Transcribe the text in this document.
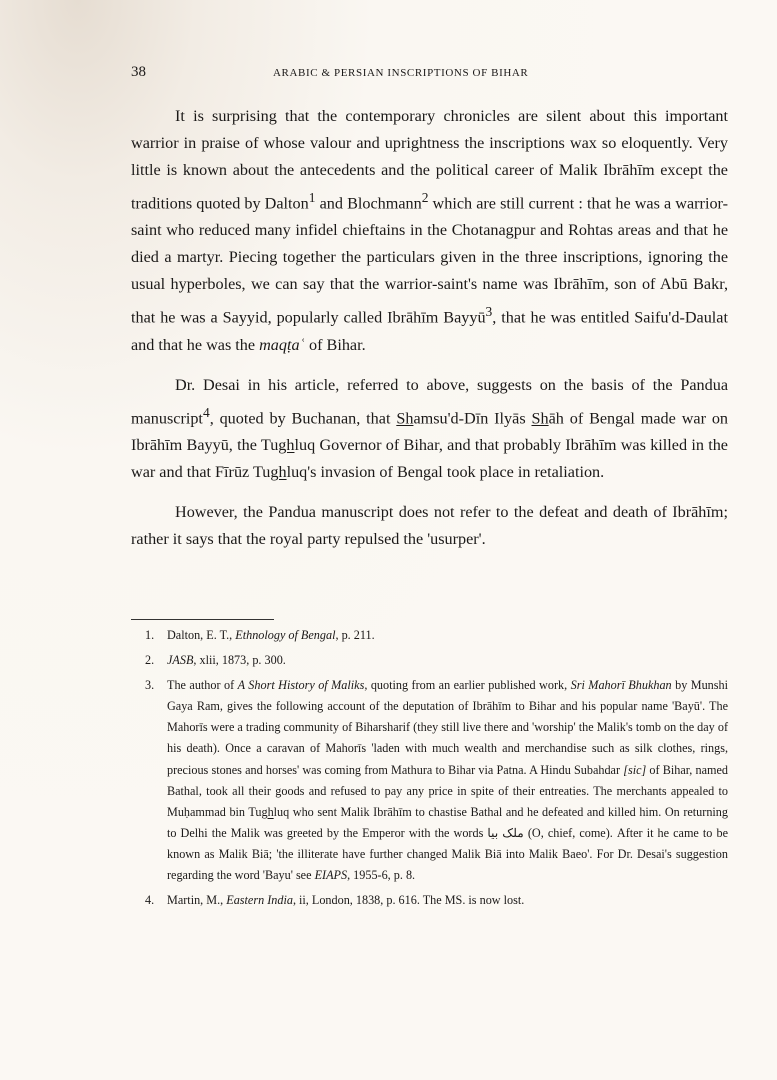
38	ARABIC & PERSIAN INSCRIPTIONS OF BIHAR

It is surprising that the contemporary chronicles are silent about this important warrior in praise of whose valour and uprightness the inscriptions wax so eloquently. Very little is known about the antecedents and the political career of Malik Ibrāhīm except the traditions quoted by Dalton$^1$ and Blochmann$^2$ which are still current : that he was a warrior-saint who reduced many infidel chieftains in the Chotanagpur and Rohtas areas and that he died a martyr. Piecing together the particulars given in the three inscriptions, ignoring the usual hyperboles, we can say that the warrior-saint's name was Ibrāhīm, son of Abū Bakr, that he was a Sayyid, popularly called Ibrāhīm Bayyū$^3$, that he was entitled Saifu'd-Daulat and that he was the maqṭaʿ of Bihar.

Dr. Desai in his article, referred to above, suggests on the basis of the Pandua manuscript$^4$, quoted by Buchanan, that Shamsu'd-Dīn Ilyās Shāh of Bengal made war on Ibrāhīm Bayyū, the Tughluq Governor of Bihar, and that probably Ibrāhīm was killed in the war and that Fīrūz Tughluq's invasion of Bengal took place in retaliation.

However, the Pandua manuscript does not refer to the defeat and death of Ibrāhīm; rather it says that the royal party repulsed the 'usurper'.

1. Dalton, E. T., Ethnology of Bengal, p. 211.
2. JASB, xlii, 1873, p. 300.
3. The author of A Short History of Maliks, quoting from an earlier published work, Sri Mahorī Bhukhan by Munshi Gaya Ram, gives the following account of the deputation of Ibrāhīm to Bihar and his popular name 'Bayū'. The Mahorīs were a trading community of Biharsharif (they still live there and 'worship' the Malik's tomb on the day of his death). Once a caravan of Mahorīs 'laden with much wealth and merchandise such as silk clothes, rings, precious stones and horses' was coming from Mathura to Bihar via Patna. A Hindu Subahdar [sic] of Bihar, named Bathal, took all their goods and refused to pay any price in spite of their entreaties. The merchants appealed to Muḥammad bin Tughluq who sent Malik Ibrāhīm to chastise Bathal and he defeated and killed him. On returning to Delhi the Malik was greeted by the Emperor with the words ملک بیا (O, chief, come). After it he came to be known as Malik Biā; 'the illiterate have further changed Malik Biā into Malik Baeo'. For Dr. Desai's suggestion regarding the word 'Bayu' see EIAPS, 1955-6, p. 8.
4. Martin, M., Eastern India, ii, London, 1838, p. 616. The MS. is now lost.
